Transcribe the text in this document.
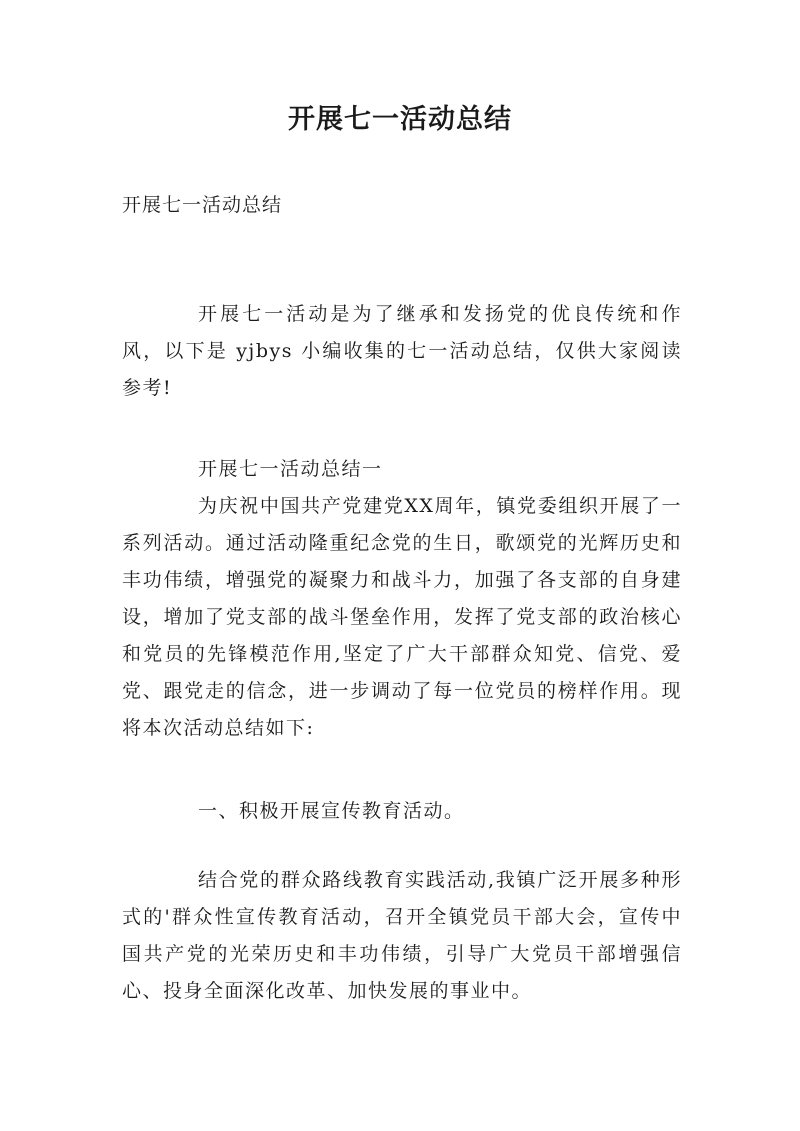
开展七一活动总结
开展七一活动总结

开展七一活动是为了继承和发扬党的优良传统和作风，以下是 yjbys 小编收集的七一活动总结，仅供大家阅读参考!

开展七一活动总结一

为庆祝中国共产党建党XX周年，镇党委组织开展了一系列活动。通过活动隆重纪念党的生日，歌颂党的光辉历史和丰功伟绩，增强党的凝聚力和战斗力，加强了各支部的自身建设，增加了党支部的战斗堡垒作用，发挥了党支部的政治核心和党员的先锋模范作用,坚定了广大干部群众知党、信党、爱党、跟党走的信念，进一步调动了每一位党员的榜样作用。现将本次活动总结如下:

一、积极开展宣传教育活动。

结合党的群众路线教育实践活动,我镇广泛开展多种形式的'群众性宣传教育活动，召开全镇党员干部大会，宣传中国共产党的光荣历史和丰功伟绩，引导广大党员干部增强信心、投身全面深化改革、加快发展的事业中。
